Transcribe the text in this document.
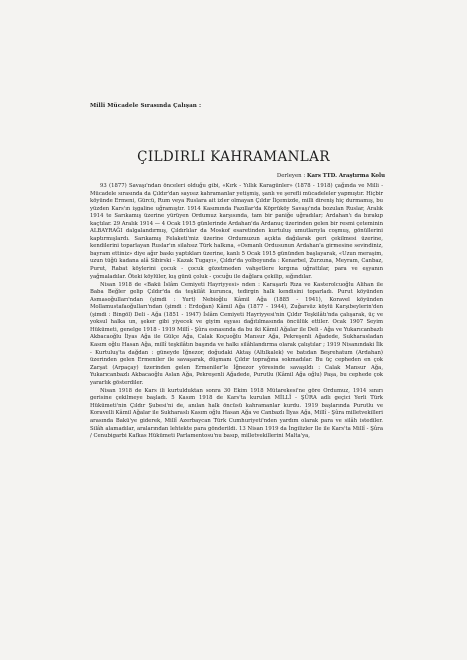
Milli Mücadele Sırasında Çalışan :
ÇILDIRLI KAHRAMANLAR
Derleyen : Kars TTD. Araştırma Kolu

93 (1877) Savaşı'ndan önceleri olduğu gibi, «Kırk - Yıllık Karagünler» (1878 - 1918) çağında ve Milli - Mücadele sırasında da Çıldır'dan sayısız kahramanlar yetişmiş, şanlı ve şerefli mücadeleler yapmıştır. Hiçbir köyünde Ermeni, Gürcü, Rum veya Ruslara ait izler olmayan Çıldır İlçemizde, milli direniş hiç durmamış, bu yüzden Kars'ın işgaline uğramıştır. 1914 Kasımında Fazıllar'da Köprüköy Savaşı'nda bozulan Ruslar, Aralık 1914 te Sarıkamış üzerine yürüyen Ordumuz karşısında, tam bir paniğe uğradılar; Ardahan'ı da bırakıp kaçtılar. 29 Aralık 1914 — 4 Ocak 1915 günlerinde Ardahan'da Ardanuç üzerinden gelen bir resmi çeteminin ALBAYRAĞI dalgalandırmış, Çıldırlılar da Moskof esaretinden kurtuluş umutlarıyla coşmuş, gönüllerini kaptırmışlardı. Sarıkamış Felaketi'miz üzerine Ordumuzun açıkta dağılarak geri çekilmesi üzerine, kendilerini toparlayan Ruslar'ın silahsız Türk halkına, «Osmanlı Ordusunun Ardahan'a girmesine sevindiniz, bayram ettiniz» diye ağır baskı yaptıkları üzerine, kanlı 5 Ocak 1915 gününden başlayarak, «Uzun meraşim, uzun tüğü kadana alâ Sibirski - Kazak Tugayı», Çıldır'da yolboyunda : Kenarbel, Zurzuna, Meyram, Canbaz, Purut, Rabat köylerini çocuk - çocuk gözetmeden vahşetlere kırgına uğrattılar, para ve eşyanın yağmaladılar. Öteki köylüler, kış günü çoluk - çocuğu ile dağlara çekilip, sığındılar.

Nisan 1918 de «Bakü İslâm Cemiyeti Hayriyyesi» nden : Karaşarlı Rıza ve Kasterolcuoğlu Alihan ile Baba Beğler gelip Çıldır'da da teşkilât kurunca, tedirgin halk kendisini toparladı. Purut köyünden Asmasoğulları'ndan (şimdi : Yurt) Nebioğlu Kâmil Ağa (1885 - 1941), Koravel köyünden Mollamustafaoğulları'ndan (şimdi : Erdoğan) Kâmil Ağa (1877 - 1944), Zuğarsüz köylü Karşıbeylerin'den (şimdi : Bingöl) Deli - Ağa (1851 - 1947) İslâm Cemiyeti Hayriyyesi'nin Çıldır Teşkilâtı'nda çalışarak, üç ve yoksul halka un, şeker gibi yiyecek ve giyim eşyası dağıtılmasında öncülük ettiler. Ocak 1907 Seyim Hükümeti, genelge 1918 - 1919 Millî - Şûra esnasında da bu iki Kâmil Ağalar ile Deli - Ağa ve Yukarıcanbazlı Akbacaoğlu İlyas Ağa ile Gülçe Ağa, Calak Koçuoğlu Mansur Ağa, Pekreşenli Ağadede, Sukharasladan Kasım oğlu Hasan Ağa, millî teşkilâtın başında ve halkı silâhlandırma olarak çalıştılar ; 1919 Nisanındaki İlk - Kurtuluş'ta dağdan : güneyde İğnezor, doğudaki Aktaş (Altılkalek) ve batıdan Beşrehatum (Ardahan) üzerinden gelen Ermeniler ile savaşarak, düşmanı Çıldır toprağına sokmadılar. Bu üç cepheden en çok Zarşat (Arpaçay) üzerinden gelen Ermeniler'le İğnezor yöresinde savaşıldı : Calak Mansur Ağa, Yukarıcanbazlı Akbacaoğlu Aslan Ağa, Pekreşenli Ağadede, Purutlu (Kâmil Ağa oğlu) Paşa, bu cephede çok yararlık gösterdiler.

Nisan 1918 de Kars ili kurtulduktan sonra 30 Ekim 1918 Mütarekesi'ne göre Ordumuz, 1914 sınırı gerisine çekilmeye başladı. 5 Kasım 1918 de Kars'ta kurulan MİLLÎ - ŞÛRA adlı geçici Yerli Türk Hükümeti'nin Çıldır Şubesi'ni de, anılan halk öncüsü kahramanlar kurdu. 1919 başlarında Purutlu ve Koravelli Kâmil Ağalar ile Sukharaslı Kasım oğlu Hasan Ağa ve Canbazlı İlyas Ağa, Millî - Şûra milletvekilleri arasında Bakü'ye giderek, Millî Azerbaycan Türk Cumhuriyeti'nden yardım olarak para ve silâh istediler. Silâh alamadılar, aralarından lehtekte para gönderildi. 13 Nisan 1919 da İngilizler Ile ile Kars'ta Millî - Şûra / Cenubigarbi Kafkas Hükümeti Parlamentosu'nu basıp, milletvekillerini Malta'ya,
